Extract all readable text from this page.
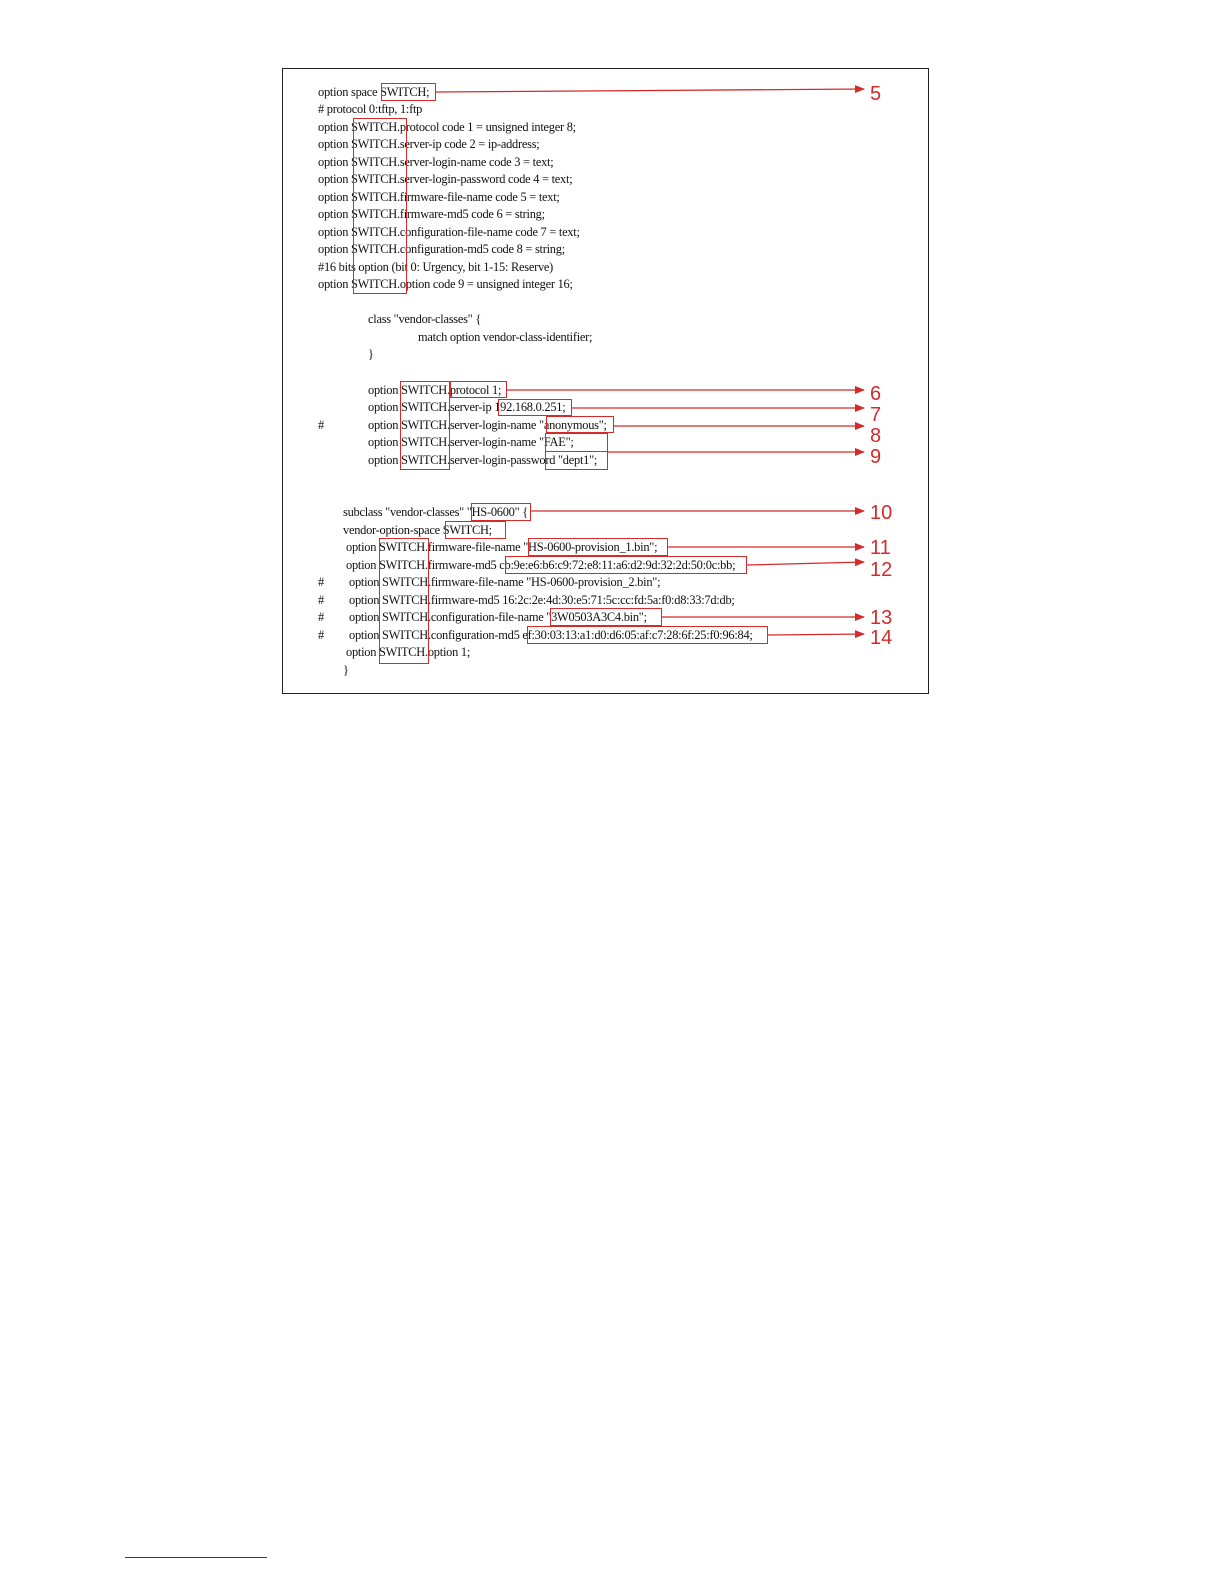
option space SWITCH;
# protocol 0:tftp, 1:ftp
option SWITCH.protocol code 1 = unsigned integer 8;
option SWITCH.server-ip code 2 = ip-address;
option SWITCH.server-login-name code 3 = text;
option SWITCH.server-login-password code 4 = text;
option SWITCH.firmware-file-name code 5 = text;
option SWITCH.firmware-md5 code 6 = string;
option SWITCH.configuration-file-name code 7 = text;
option SWITCH.configuration-md5 code 8 = string;
#16 bits option (bit 0: Urgency, bit 1-15: Reserve)
option SWITCH.option code 9 = unsigned integer 16;
class "vendor-classes" {
match option vendor-class-identifier;
}
option SWITCH.protocol 1;
option SWITCH.server-ip 192.168.0.251;
#	option SWITCH.server-login-name "anonymous";
option SWITCH.server-login-name "FAE";
option SWITCH.server-login-password "dept1";
subclass "vendor-classes" "HS-0600" {
vendor-option-space SWITCH;
option SWITCH.firmware-file-name "HS-0600-provision_1.bin";
option SWITCH.firmware-md5 cb:9e:e6:b6:c9:72:e8:11:a6:d2:9d:32:2d:50:0c:bb;
# option SWITCH.firmware-file-name "HS-0600-provision_2.bin";
# option SWITCH.firmware-md5 16:2c:2e:4d:30:e5:71:5c:cc:fd:5a:f0:d8:33:7d:db;
# option SWITCH.configuration-file-name "3W0503A3C4.bin";
# option SWITCH.configuration-md5 ef:30:03:13:a1:d0:d6:05:af:c7:28:6f:25:f0:96:84;
option SWITCH.option 1;
}
5
6
7
8
9
10
11
12
13
14
